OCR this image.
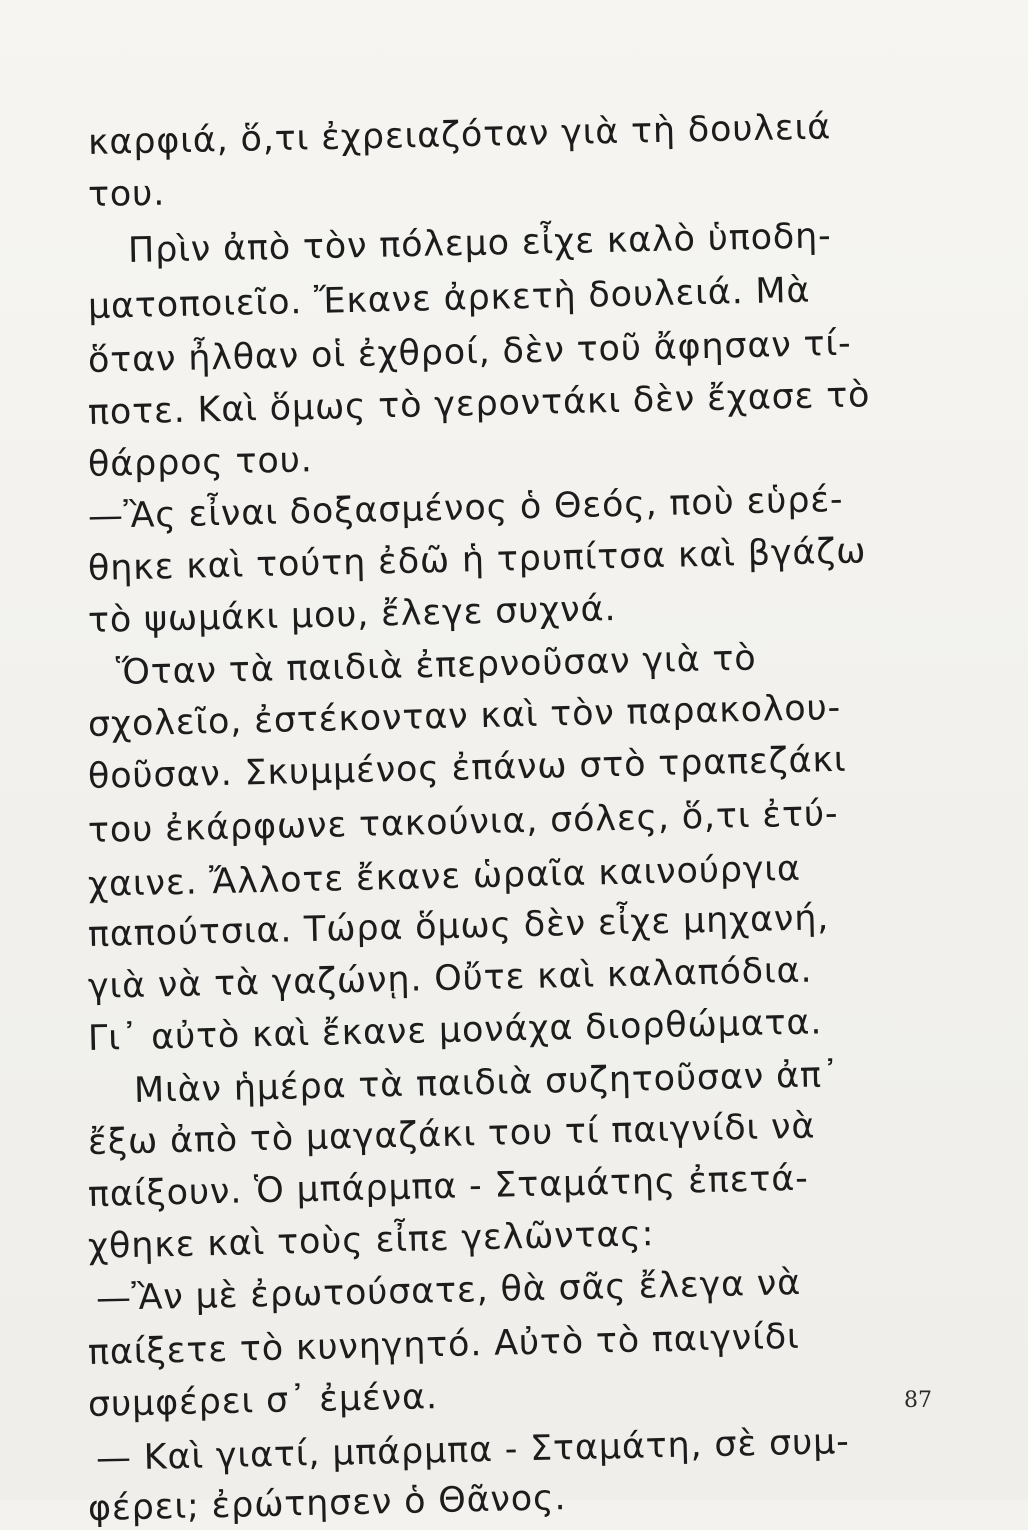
καρφιά, ὅ,τι ἐχρειαζόταν γιὰ τὴ δουλειά
του.
Πρὶν ἀπὸ τὸν πόλεμο εἶχε καλὸ ὑποδη-
ματοποιεῖο. Ἔκανε ἀρκετὴ δουλειά. Μὰ
ὅταν ἦλθαν οἱ ἐχθροί, δὲν τοῦ ἄφησαν τί-
ποτε. Καὶ ὅμως τὸ γεροντάκι δὲν ἔχασε τὸ
θάρρος του.
—Ἂς εἶναι δοξασμένος ὁ Θεός, ποὺ εὑρέ-
θηκε καὶ τούτη ἐδῶ ἡ τρυπίτσα καὶ βγάζω
τὸ ψωμάκι μου, ἔλεγε συχνά.
Ὅταν τὰ παιδιὰ ἐπερνοῦσαν γιὰ τὸ
σχολεῖο, ἐστέκονταν καὶ τὸν παρακολου-
θοῦσαν. Σκυμμένος ἐπάνω στὸ τραπεζάκι
του ἐκάρφωνε τακούνια, σόλες, ὅ,τι ἐτύ-
χαινε. Ἄλλοτε ἔκανε ὡραῖα καινούργια
παπούτσια. Τώρα ὅμως δὲν εἶχε μηχανή,
γιὰ νὰ τὰ γαζώνῃ. Οὔτε καὶ καλαπόδια.
Γι᾿ αὐτὸ καὶ ἔκανε μονάχα διορθώματα.
Μιὰν ἡμέρα τὰ παιδιὰ συζητοῦσαν ἀπ᾿
ἔξω ἀπὸ τὸ μαγαζάκι του τί παιγνίδι νὰ
παίξουν. Ὁ μπάρμπα - Σταμάτης ἐπετά-
χθηκε καὶ τοὺς εἶπε γελῶντας:
—Ἂν μὲ ἐρωτούσατε, θὰ σᾶς ἔλεγα νὰ
παίξετε τὸ κυνηγητό. Αὐτὸ τὸ παιγνίδι
συμφέρει σ᾿ ἐμένα.
— Καὶ γιατί, μπάρμπα - Σταμάτη, σὲ συμ-
φέρει; ἐρώτησεν ὁ Θᾶνος.
87
